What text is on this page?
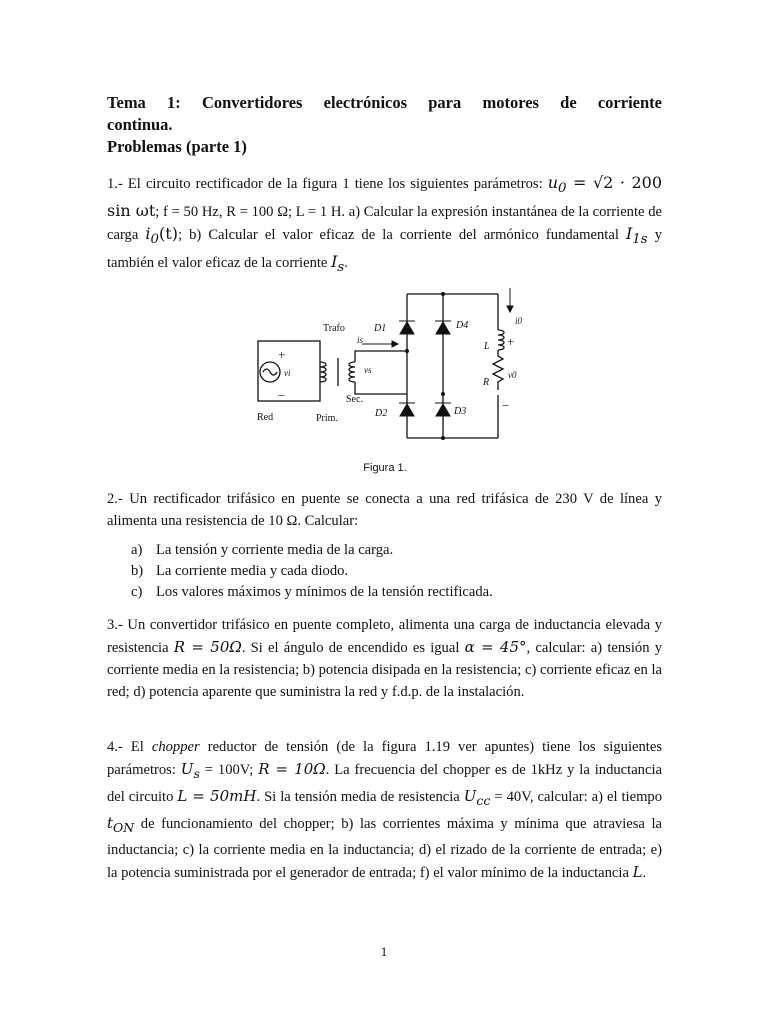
Tema 1: Convertidores electrónicos para motores de corriente
continua.
Problemas (parte 1)
1.- El circuito rectificador de la figura 1 tiene los siguientes parámetros: $u_0 = √2 \cdot 200$ sin ωt; f = 50 Hz, R = 100 Ω; L = 1 H. a) Calcular la expresión instantánea de la corriente de carga $i_0(t)$; b) Calcular el valor eficaz de la corriente del armónico fundamental $I_{1s}$ y también el valor eficaz de la corriente $I_s$.
Trafo	D1	D4
D2	D3
is
vs
vi
Sec.
Red	Prim.
L
R
i0
v0
+
−
+
−
Figura 1.
2.- Un rectificador trifásico en puente se conecta a una red trifásica de 230 V de línea y alimenta una resistencia de 10 Ω. Calcular:
a) La tensión y corriente media de la carga.
b) La corriente media y cada diodo.
c) Los valores máximos y mínimos de la tensión rectificada.
3.- Un convertidor trifásico en puente completo, alimenta una carga de inductancia elevada y resistencia R = 50Ω. Si el ángulo de encendido es igual α = 45°, calcular: a) tensión y corriente media en la resistencia; b) potencia disipada en la resistencia; c) corriente eficaz en la red; d) potencia aparente que suministra la red y f.d.p. de la instalación.
4.- El chopper reductor de tensión (de la figura 1.19 ver apuntes) tiene los siguientes parámetros: $U_s = 100V$; R = 10Ω. La frecuencia del chopper es de 1kHz y la inductancia del circuito L = 50mH. Si la tensión media de resistencia $U_{cc} = 40V$, calcular: a) el tiempo $t_{ON}$ de funcionamiento del chopper; b) las corrientes máxima y mínima que atraviesa la inductancia; c) la corriente media en la inductancia; d) el rizado de la corriente de entrada; e) la potencia suministrada por el generador de entrada; f) el valor mínimo de la inductancia L.
1
